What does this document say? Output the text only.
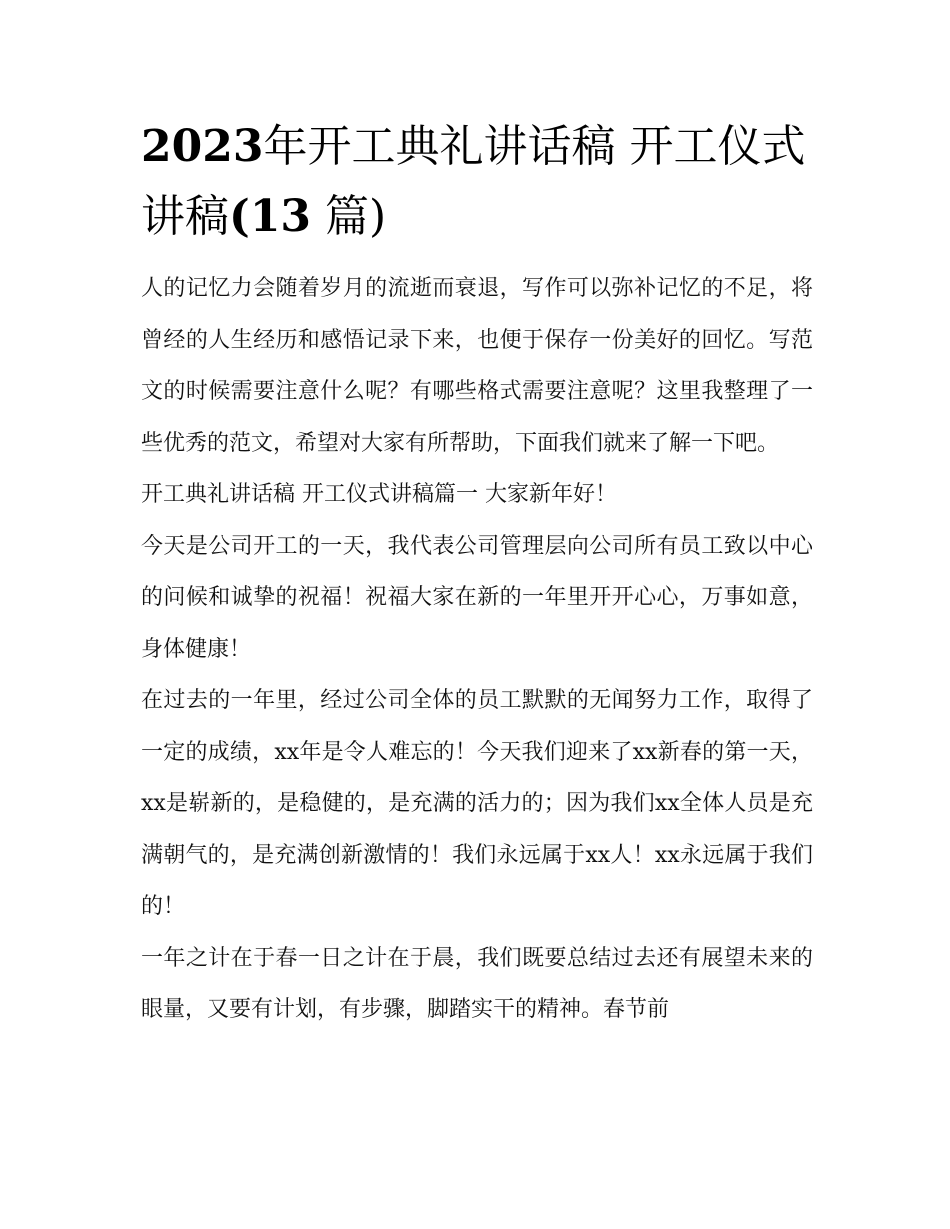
2023年开工典礼讲话稿 开工仪式讲稿(13 篇)

人的记忆力会随着岁月的流逝而衰退，写作可以弥补记忆的不足，将曾经的人生经历和感悟记录下来，也便于保存一份美好的回忆。写范文的时候需要注意什么呢？有哪些格式需要注意呢？这里我整理了一些优秀的范文，希望对大家有所帮助，下面我们就来了解一下吧。

开工典礼讲话稿 开工仪式讲稿篇一 大家新年好！

今天是公司开工的一天，我代表公司管理层向公司所有员工致以中心的问候和诚挚的祝福！祝福大家在新的一年里开开心心，万事如意，身体健康！

在过去的一年里，经过公司全体的员工默默的无闻努力工作，取得了一定的成绩，xx年是令人难忘的！今天我们迎来了xx新春的第一天，xx是崭新的，是稳健的，是充满的活力的；因为我们xx全体人员是充满朝气的，是充满创新激情的！我们永远属于xx人！xx永远属于我们的！

一年之计在于春一日之计在于晨，我们既要总结过去还有展望未来的眼量，又要有计划，有步骤，脚踏实干的精神。春节前
